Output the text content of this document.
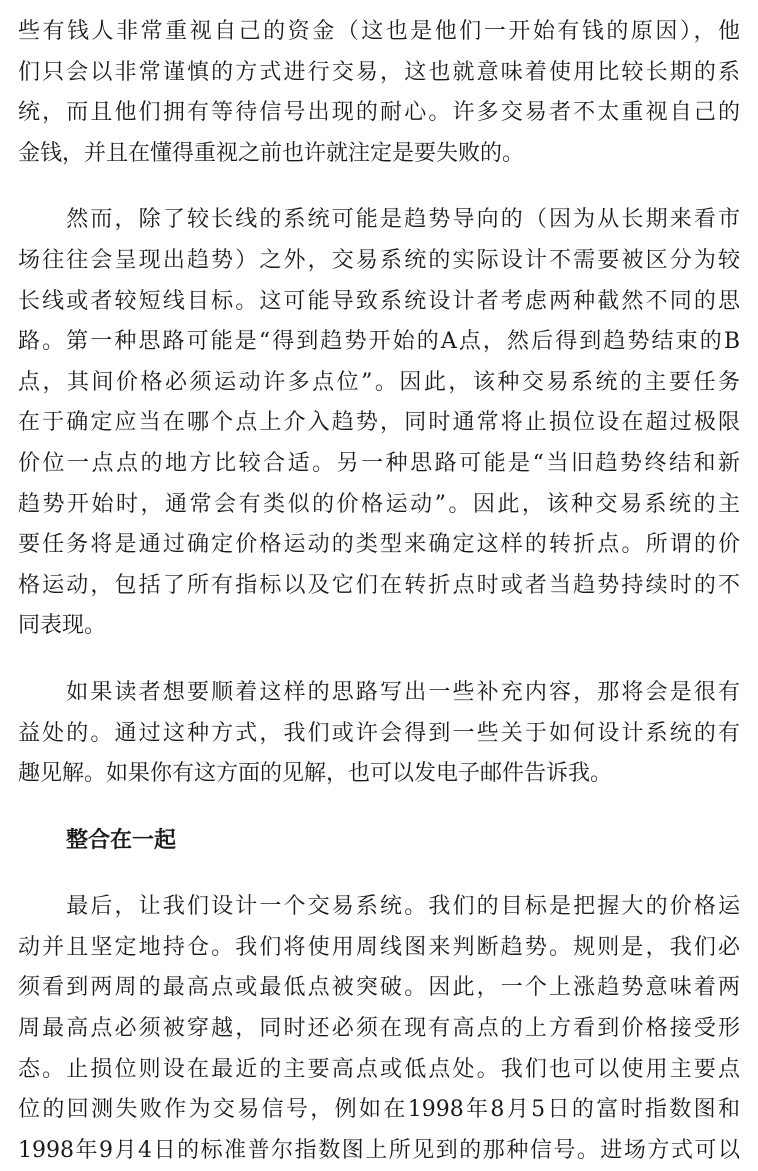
些有钱人非常重视自己的资金（这也是他们一开始有钱的原因），他
们只会以非常谨慎的方式进行交易，这也就意味着使用比较长期的系
统，而且他们拥有等待信号出现的耐心。许多交易者不太重视自己的
金钱，并且在懂得重视之前也许就注定是要失败的。
　　然而，除了较长线的系统可能是趋势导向的（因为从长期来看市
场往往会呈现出趋势）之外，交易系统的实际设计不需要被区分为较
长线或者较短线目标。这可能导致系统设计者考虑两种截然不同的思
路。第一种思路可能是“得到趋势开始的A点，然后得到趋势结束的B
点，其间价格必须运动许多点位”。因此，该种交易系统的主要任务
在于确定应当在哪个点上介入趋势，同时通常将止损位设在超过极限
价位一点点的地方比较合适。另一种思路可能是“当旧趋势终结和新
趋势开始时，通常会有类似的价格运动”。因此，该种交易系统的主
要任务将是通过确定价格运动的类型来确定这样的转折点。所谓的价
格运动，包括了所有指标以及它们在转折点时或者当趋势持续时的不
同表现。
　　如果读者想要顺着这样的思路写出一些补充内容，那将会是很有
益处的。通过这种方式，我们或许会得到一些关于如何设计系统的有
趣见解。如果你有这方面的见解，也可以发电子邮件告诉我。
整合在一起
　　最后，让我们设计一个交易系统。我们的目标是把握大的价格运
动并且坚定地持仓。我们将使用周线图来判断趋势。规则是，我们必
须看到两周的最高点或最低点被突破。因此，一个上涨趋势意味着两
周最高点必须被穿越，同时还必须在现有高点的上方看到价格接受形
态。止损位则设在最近的主要高点或低点处。我们也可以使用主要点
位的回测失败作为交易信号，例如在1998年8月5日的富时指数图和
1998年9月4日的标准普尔指数图上所见到的那种信号。进场方式可以
